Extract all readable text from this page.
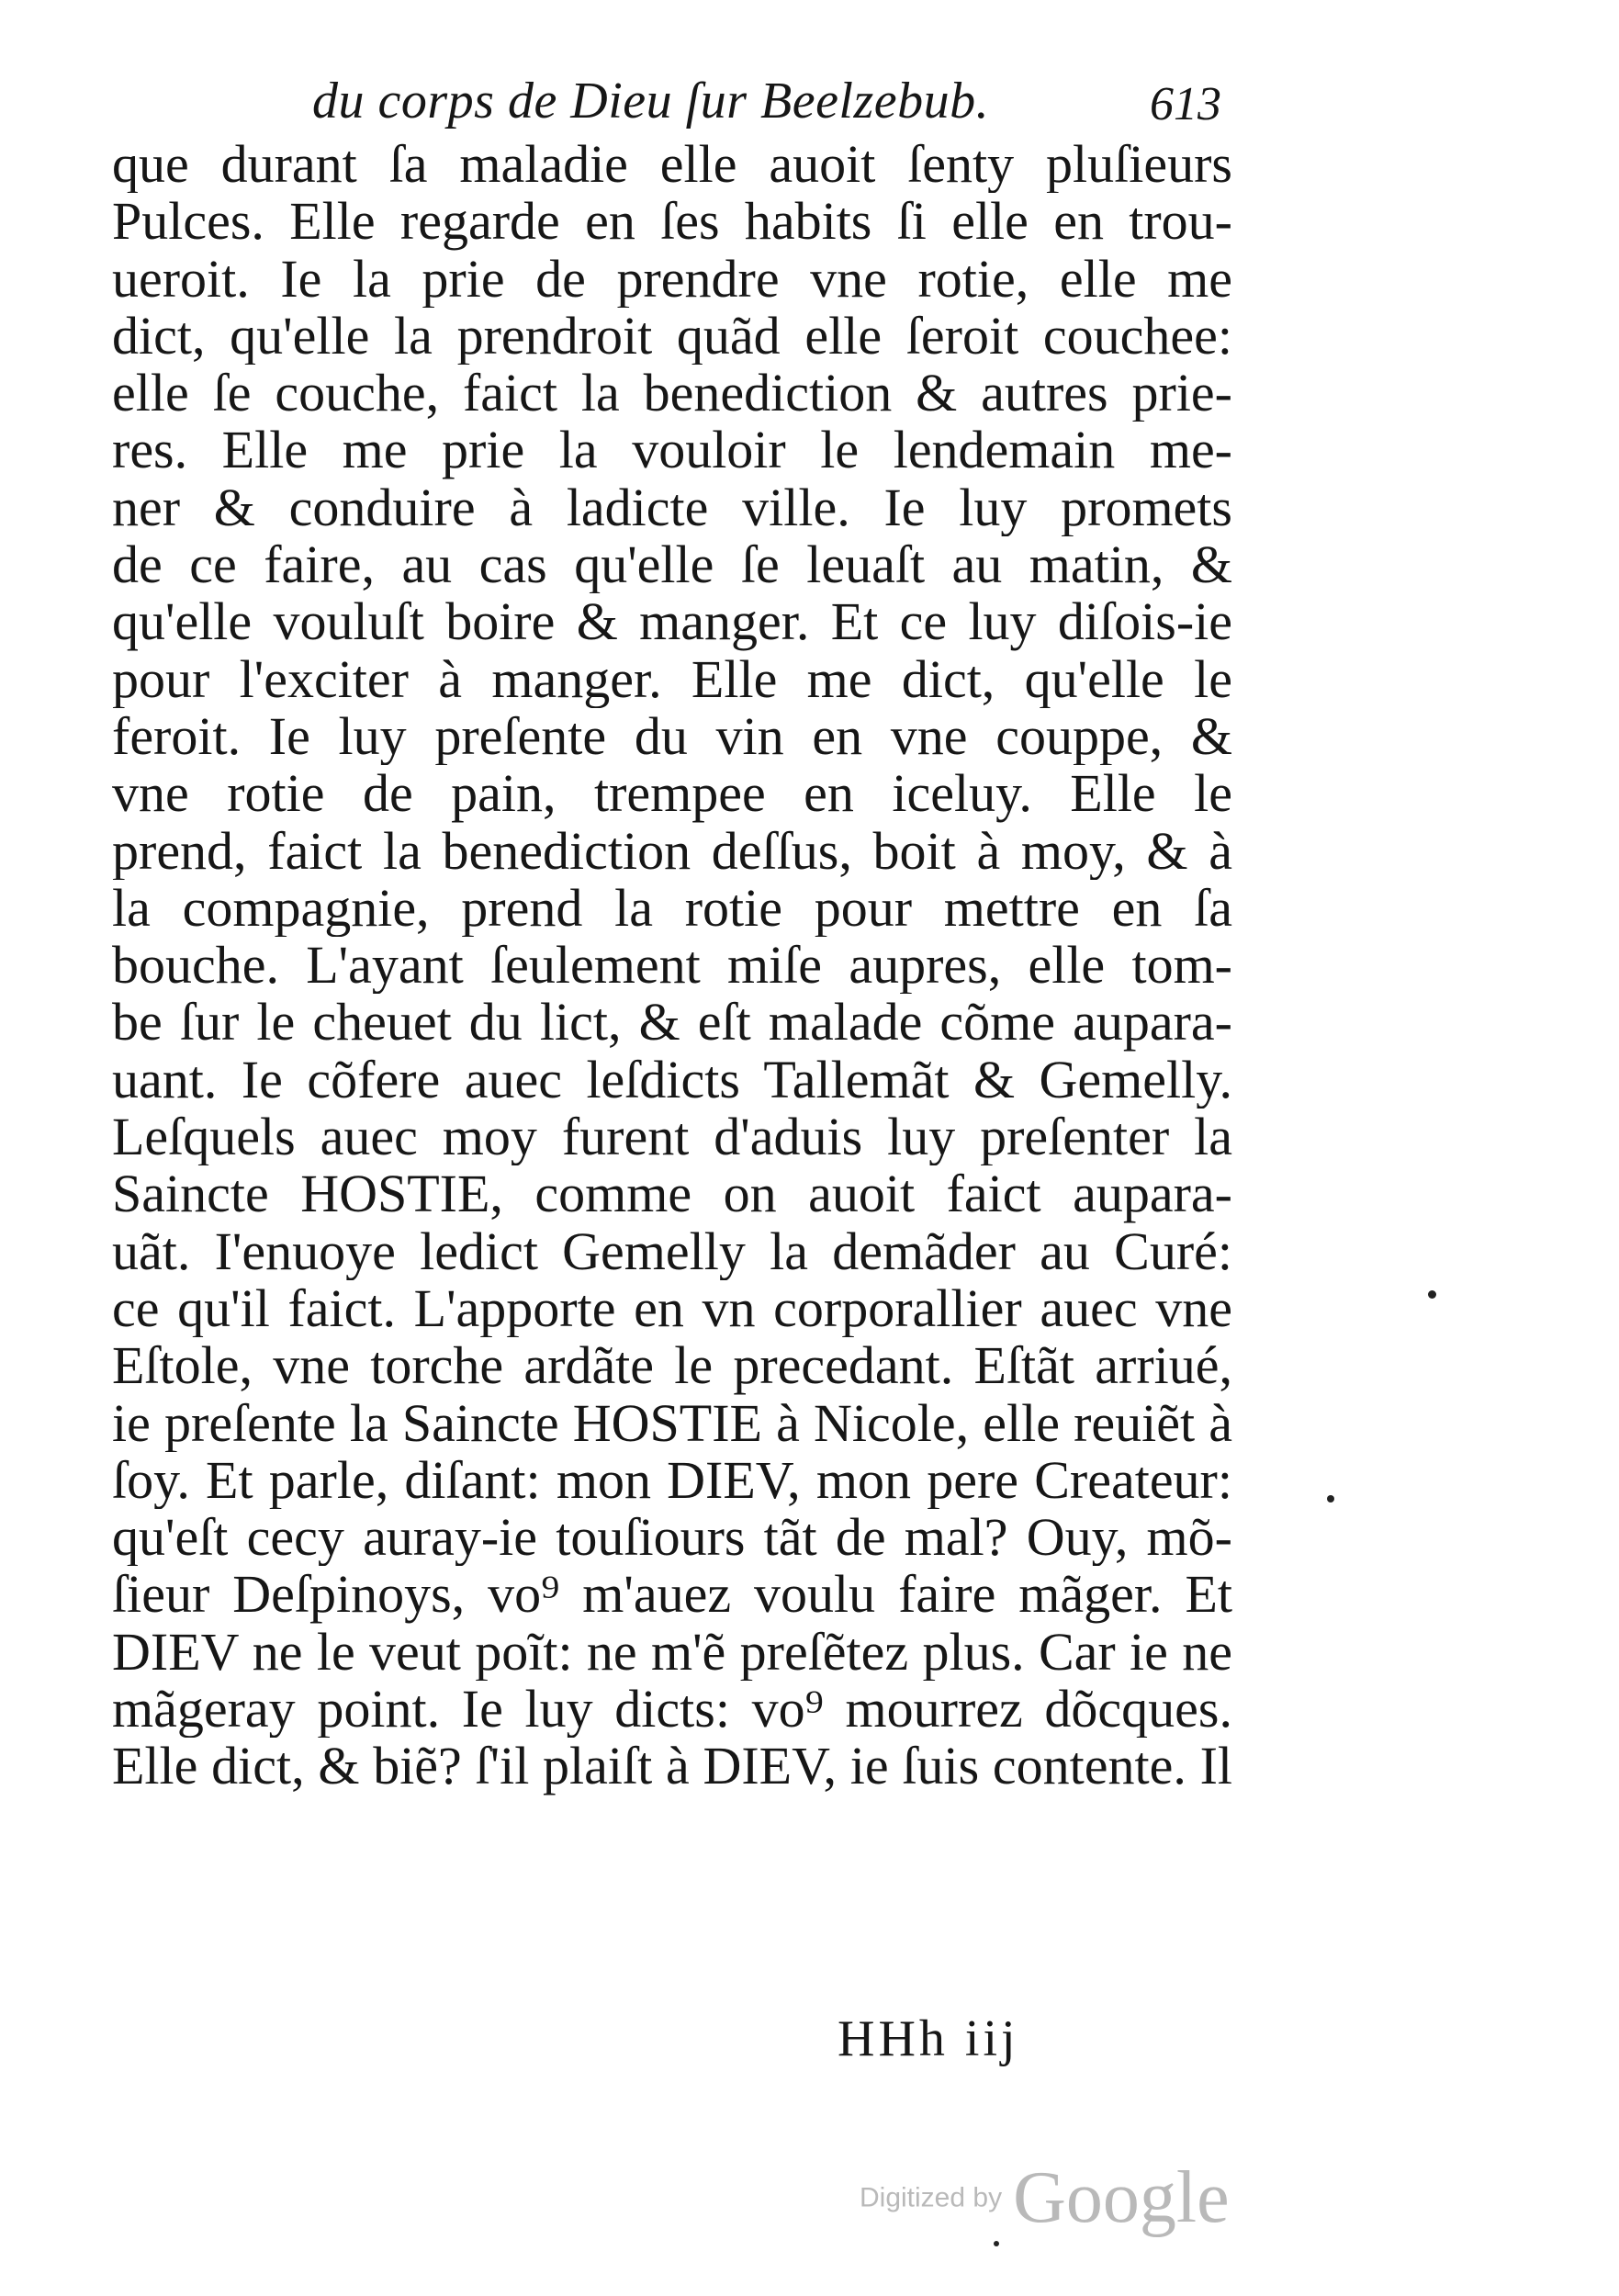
du corps de Dieu ſur Beelzebub.	613
que durant ſa maladie elle auoit ſenty pluſieurs
Pulces. Elle regarde en ſes habits ſi elle en trou-
ueroit. Ie la prie de prendre vne rotie, elle me
dict, qu'elle la prendroit quãd elle ſeroit couchee:
elle ſe couche, faict la benediction & autres prie-
res. Elle me prie la vouloir le lendemain me-
ner & conduire à ladicte ville. Ie luy promets
de ce faire, au cas qu'elle ſe leuaſt au matin, &
qu'elle vouluſt boire & manger. Et ce luy diſois-ie
pour l'exciter à manger. Elle me dict, qu'elle le
feroit. Ie luy preſente du vin en vne couppe, &
vne rotie de pain, trempee en iceluy. Elle le
prend, faict la benediction deſſus, boit à moy, & à
la compagnie, prend la rotie pour mettre en ſa
bouche. L'ayant ſeulement miſe aupres, elle tom-
be ſur le cheuet du lict, & eſt malade cõme aupara-
uant. Ie cõfere auec leſdicts Tallemãt & Gemelly.
Leſquels auec moy furent d'aduis luy preſenter la
Saincte HOSTIE, comme on auoit faict aupara-
uãt. I'enuoye ledict Gemelly la demãder au Curé:
ce qu'il faict. L'apporte en vn corporallier auec vne
Eſtole, vne torche ardãte le precedant. Eſtãt arriué,
ie preſente la Saincte HOSTIE à Nicole, elle reuiẽt à
ſoy. Et parle, diſant: mon DIEV, mon pere Createur:
qu'eſt cecy auray-ie touſiours tãt de mal? Ouy, mõ-
ſieur Deſpinoys, vo⁹ m'auez voulu faire mãger. Et
DIEV ne le veut poĩt: ne m'ẽ preſẽtez plus. Car ie ne
mãgeray point. Ie luy dicts: vo⁹ mourrez dõcques.
Elle dict, & biẽ? ſ'il plaiſt à DIEV, ie ſuis contente. Il
HHh iij
Digitized by Google
